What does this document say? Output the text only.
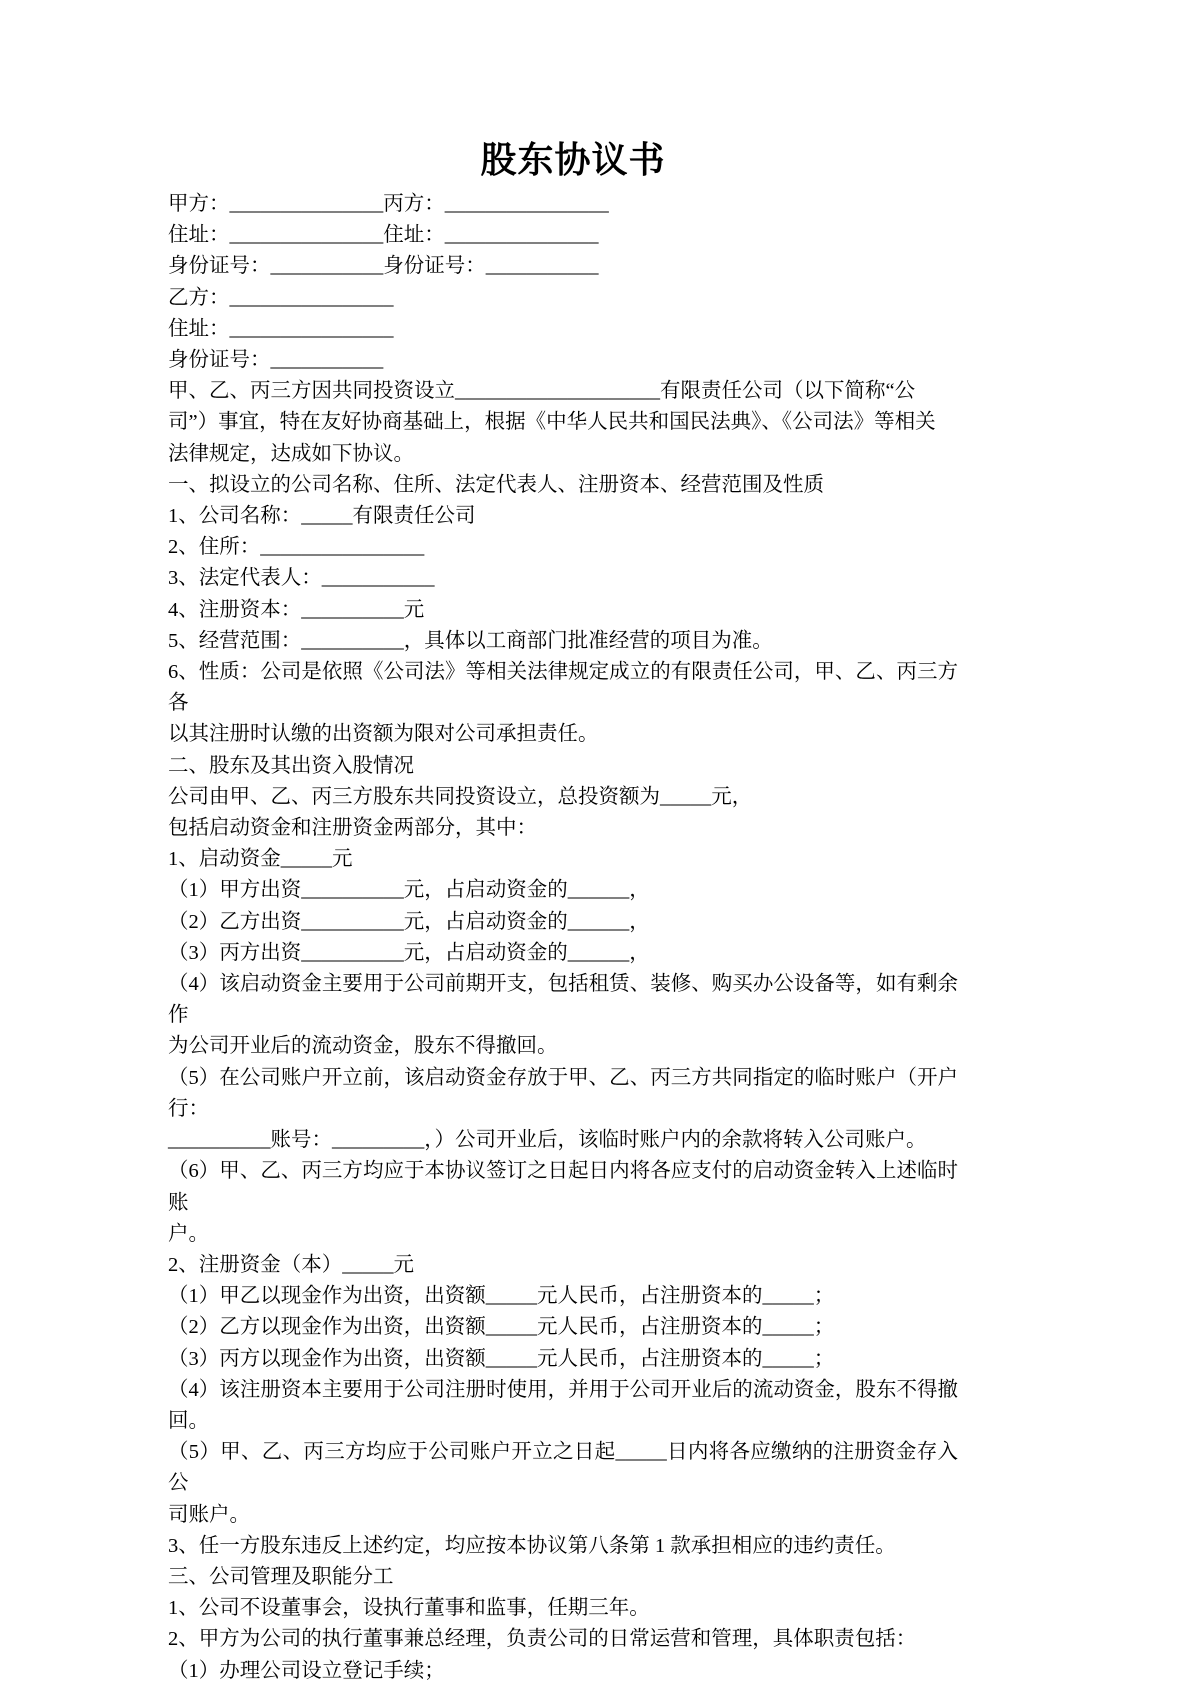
股东协议书

甲方：_______________丙方：________________

住址：_______________住址：_______________

身份证号：___________身份证号：___________

乙方：________________

住址：________________

身份证号：___________

甲、乙、丙三方因共同投资设立____________________有限责任公司（以下简称“公

司”）事宜，特在友好协商基础上，根据《中华人民共和国民法典》、《公司法》等相关

法律规定，达成如下协议。

一、拟设立的公司名称、住所、法定代表人、注册资本、经营范围及性质

1、公司名称：_____有限责任公司

2、住所：________________

3、法定代表人：___________

4、注册资本：__________元

5、经营范围：__________，具体以工商部门批准经营的项目为准。

6、性质：公司是依照《公司法》等相关法律规定成立的有限责任公司，甲、乙、丙三方各

以其注册时认缴的出资额为限对公司承担责任。

二、股东及其出资入股情况

公司由甲、乙、丙三方股东共同投资设立，总投资额为_____元，

包括启动资金和注册资金两部分，其中：

1、启动资金_____元

（1）甲方出资__________元，占启动资金的______，

（2）乙方出资__________元，占启动资金的______，

（3）丙方出资__________元，占启动资金的______，

（4）该启动资金主要用于公司前期开支，包括租赁、装修、购买办公设备等，如有剩余作

为公司开业后的流动资金，股东不得撤回。

（5）在公司账户开立前，该启动资金存放于甲、乙、丙三方共同指定的临时账户（开户行：

__________账号：_________，）公司开业后，该临时账户内的余款将转入公司账户。

（6）甲、乙、丙三方均应于本协议签订之日起日内将各应支付的启动资金转入上述临时账

户。

2、注册资金（本）_____元

（1）甲乙以现金作为出资，出资额_____元人民币，占注册资本的_____；

（2）乙方以现金作为出资，出资额_____元人民币，占注册资本的_____；

（3）丙方以现金作为出资，出资额_____元人民币，占注册资本的_____；

（4）该注册资本主要用于公司注册时使用，并用于公司开业后的流动资金，股东不得撤回。

（5）甲、乙、丙三方均应于公司账户开立之日起_____日内将各应缴纳的注册资金存入公

司账户。

3、任一方股东违反上述约定，均应按本协议第八条第 1 款承担相应的违约责任。

三、公司管理及职能分工

1、公司不设董事会，设执行董事和监事，任期三年。

2、甲方为公司的执行董事兼总经理，负责公司的日常运营和管理，具体职责包括：

（1）办理公司设立登记手续；
